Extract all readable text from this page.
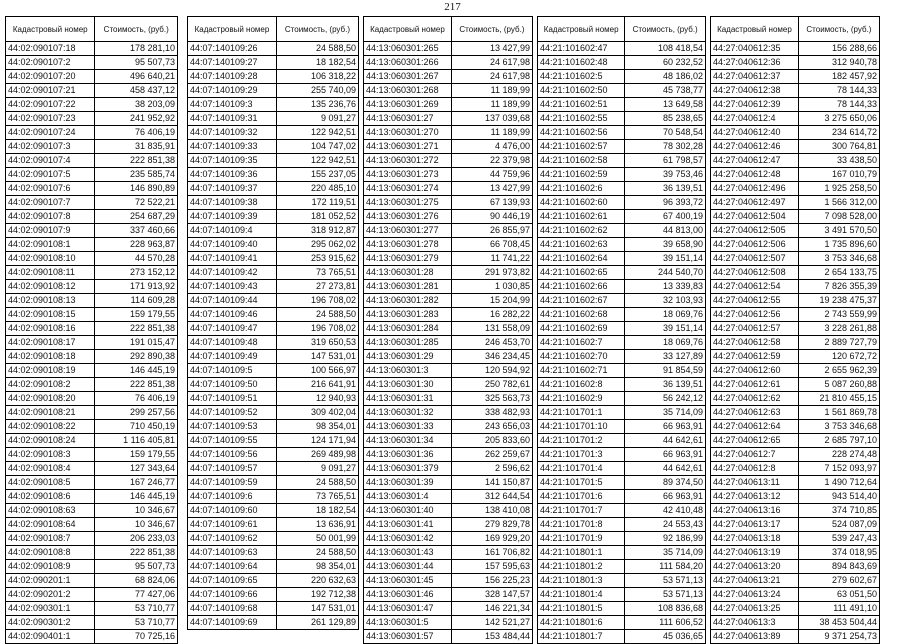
217
Кадастровый номер	Стоимость, (руб.)
44:02:090107:18	178 281,10
44:02:090107:2	95 507,73
44:02:090107:20	496 640,21
44:02:090107:21	458 437,12
44:02:090107:22	38 203,09
44:02:090107:23	241 952,92
44:02:090107:24	76 406,19
44:02:090107:3	31 835,91
44:02:090107:4	222 851,38
44:02:090107:5	235 585,74
44:02:090107:6	146 890,89
44:02:090107:7	72 522,21
44:02:090107:8	254 687,29
44:02:090107:9	337 460,66
44:02:090108:1	228 963,87
44:02:090108:10	44 570,28
44:02:090108:11	273 152,12
44:02:090108:12	171 913,92
44:02:090108:13	114 609,28
44:02:090108:15	159 179,55
44:02:090108:16	222 851,38
44:02:090108:17	191 015,47
44:02:090108:18	292 890,38
44:02:090108:19	146 445,19
44:02:090108:2	222 851,38
44:02:090108:20	76 406,19
44:02:090108:21	299 257,56
44:02:090108:22	710 450,19
44:02:090108:24	1 116 405,81
44:02:090108:3	159 179,55
44:02:090108:4	127 343,64
44:02:090108:5	167 246,77
44:02:090108:6	146 445,19
44:02:090108:63	10 346,67
44:02:090108:64	10 346,67
44:02:090108:7	206 233,03
44:02:090108:8	222 851,38
44:02:090108:9	95 507,73
44:02:090201:1	68 824,06
44:02:090201:2	77 427,06
44:02:090301:1	53 710,77
44:02:090301:2	53 710,77
44:02:090401:1	70 725,16
Кадастровый номер	Стоимость, (руб.)
44:07:140109:26	24 588,50
44:07:140109:27	18 182,54
44:07:140109:28	106 318,22
44:07:140109:29	255 740,09
44:07:140109:3	135 236,76
44:07:140109:31	9 091,27
44:07:140109:32	122 942,51
44:07:140109:33	104 747,02
44:07:140109:35	122 942,51
44:07:140109:36	155 237,05
44:07:140109:37	220 485,10
44:07:140109:38	172 119,51
44:07:140109:39	181 052,52
44:07:140109:4	318 912,87
44:07:140109:40	295 062,02
44:07:140109:41	253 915,62
44:07:140109:42	73 765,51
44:07:140109:43	27 273,81
44:07:140109:44	196 708,02
44:07:140109:46	24 588,50
44:07:140109:47	196 708,02
44:07:140109:48	319 650,53
44:07:140109:49	147 531,01
44:07:140109:5	100 566,97
44:07:140109:50	216 641,91
44:07:140109:51	12 940,93
44:07:140109:52	309 402,04
44:07:140109:53	98 354,01
44:07:140109:55	124 171,94
44:07:140109:56	269 489,98
44:07:140109:57	9 091,27
44:07:140109:59	24 588,50
44:07:140109:6	73 765,51
44:07:140109:60	18 182,54
44:07:140109:61	13 636,91
44:07:140109:62	50 001,99
44:07:140109:63	24 588,50
44:07:140109:64	98 354,01
44:07:140109:65	220 632,63
44:07:140109:66	192 712,38
44:07:140109:68	147 531,01
44:07:140109:69	261 129,89
Кадастровый номер	Стоимость, (руб.)
44:13:060301:265	13 427,99
44:13:060301:266	24 617,98
44:13:060301:267	24 617,98
44:13:060301:268	11 189,99
44:13:060301:269	11 189,99
44:13:060301:27	137 039,68
44:13:060301:270	11 189,99
44:13:060301:271	4 476,00
44:13:060301:272	22 379,98
44:13:060301:273	44 759,96
44:13:060301:274	13 427,99
44:13:060301:275	67 139,93
44:13:060301:276	90 446,19
44:13:060301:277	26 855,97
44:13:060301:278	66 708,45
44:13:060301:279	11 741,22
44:13:060301:28	291 973,82
44:13:060301:281	1 030,85
44:13:060301:282	15 204,99
44:13:060301:283	16 282,22
44:13:060301:284	131 558,09
44:13:060301:285	246 453,70
44:13:060301:29	346 234,45
44:13:060301:3	120 594,92
44:13:060301:30	250 782,61
44:13:060301:31	325 563,73
44:13:060301:32	338 482,93
44:13:060301:33	243 656,03
44:13:060301:34	205 833,60
44:13:060301:36	262 259,67
44:13:060301:379	2 596,62
44:13:060301:39	141 150,87
44:13:060301:4	312 644,54
44:13:060301:40	138 410,08
44:13:060301:41	279 829,78
44:13:060301:42	169 929,20
44:13:060301:43	161 706,82
44:13:060301:44	157 595,63
44:13:060301:45	156 225,23
44:13:060301:46	328 147,57
44:13:060301:47	146 221,34
44:13:060301:5	142 521,27
44:13:060301:57	153 484,44
Кадастровый номер	Стоимость, (руб.)
44:21:101602:47	108 418,54
44:21:101602:48	60 232,52
44:21:101602:5	48 186,02
44:21:101602:50	45 738,77
44:21:101602:51	13 649,58
44:21:101602:55	85 238,65
44:21:101602:56	70 548,54
44:21:101602:57	78 302,28
44:21:101602:58	61 798,57
44:21:101602:59	39 753,46
44:21:101602:6	36 139,51
44:21:101602:60	96 393,72
44:21:101602:61	67 400,19
44:21:101602:62	44 813,00
44:21:101602:63	39 658,90
44:21:101602:64	39 151,14
44:21:101602:65	244 540,70
44:21:101602:66	13 339,83
44:21:101602:67	32 103,93
44:21:101602:68	18 069,76
44:21:101602:69	39 151,14
44:21:101602:7	18 069,76
44:21:101602:70	33 127,89
44:21:101602:71	91 854,59
44:21:101602:8	36 139,51
44:21:101602:9	56 242,12
44:21:101701:1	35 714,09
44:21:101701:10	66 963,91
44:21:101701:2	44 642,61
44:21:101701:3	66 963,91
44:21:101701:4	44 642,61
44:21:101701:5	89 374,50
44:21:101701:6	66 963,91
44:21:101701:7	42 410,48
44:21:101701:8	24 553,43
44:21:101701:9	92 186,99
44:21:101801:1	35 714,09
44:21:101801:2	111 584,20
44:21:101801:3	53 571,13
44:21:101801:4	53 571,13
44:21:101801:5	108 836,68
44:21:101801:6	111 606,52
44:21:101801:7	45 036,65
Кадастровый номер	Стоимость, (руб.)
44:27:040612:35	156 288,66
44:27:040612:36	312 940,78
44:27:040612:37	182 457,92
44:27:040612:38	78 144,33
44:27:040612:39	78 144,33
44:27:040612:4	3 275 650,06
44:27:040612:40	234 614,72
44:27:040612:46	300 764,81
44:27:040612:47	33 438,50
44:27:040612:48	167 010,79
44:27:040612:496	1 925 258,50
44:27:040612:497	1 566 312,00
44:27:040612:504	7 098 528,00
44:27:040612:505	3 491 570,50
44:27:040612:506	1 735 896,60
44:27:040612:507	3 753 346,68
44:27:040612:508	2 654 133,75
44:27:040612:54	7 826 355,39
44:27:040612:55	19 238 475,37
44:27:040612:56	2 743 559,99
44:27:040612:57	3 228 261,88
44:27:040612:58	2 889 727,79
44:27:040612:59	120 672,72
44:27:040612:60	2 655 962,39
44:27:040612:61	5 087 260,88
44:27:040612:62	21 810 455,15
44:27:040612:63	1 561 869,78
44:27:040612:64	3 753 346,68
44:27:040612:65	2 685 797,10
44:27:040612:7	228 274,48
44:27:040612:8	7 152 093,97
44:27:040613:11	1 490 712,64
44:27:040613:12	943 514,40
44:27:040613:16	374 710,85
44:27:040613:17	524 087,09
44:27:040613:18	539 247,43
44:27:040613:19	374 018,95
44:27:040613:20	894 843,69
44:27:040613:21	279 602,67
44:27:040613:24	63 051,50
44:27:040613:25	111 491,10
44:27:040613:3	38 453 504,44
44:27:040613:89	9 371 254,73
